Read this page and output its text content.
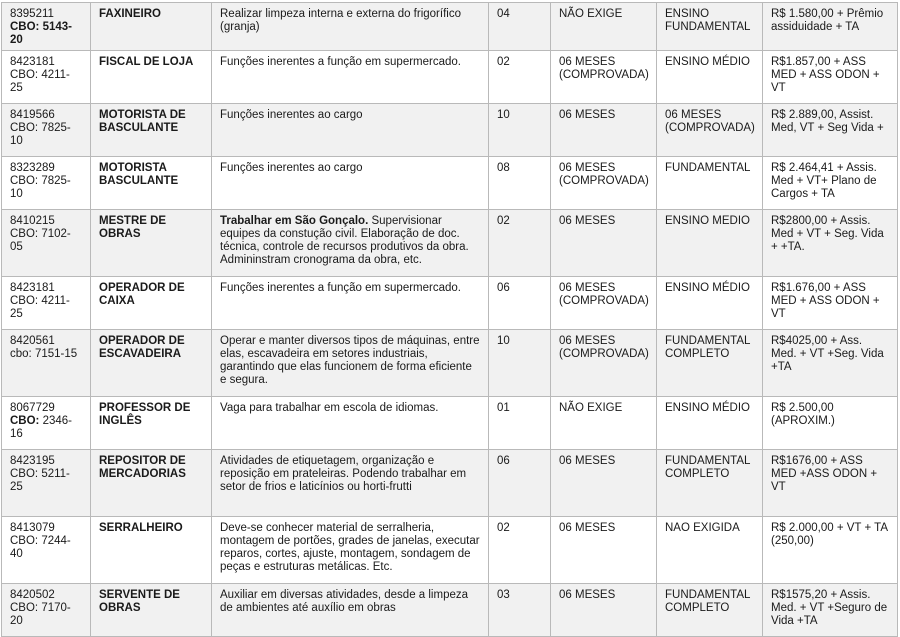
8395211
CBO: 5143-20	FAXINEIRO	Realizar limpeza interna e externa do frigorífico (granja)	04	NÃO EXIGE	ENSINO FUNDAMENTAL	R$ 1.580,00 + Prêmio assiduidade + TA

8423181
CBO: 4211-25	FISCAL DE LOJA	Funções inerentes a função em supermercado.	02	06 MESES (COMPROVADA)	ENSINO MÉDIO	R$1.857,00 + ASS MED + ASS ODON + VT

8419566
CBO: 7825-10	MOTORISTA DE BASCULANTE	Funções inerentes ao cargo	10	06 MESES	06 MESES (COMPROVADA)	R$ 2.889,00, Assist. Med, VT + Seg Vida +

8323289
CBO: 7825-10	MOTORISTA BASCULANTE	Funções inerentes ao cargo	08	06 MESES (COMPROVADA)	FUNDAMENTAL	R$ 2.464,41 + Assis. Med + VT+ Plano de Cargos + TA

8410215
CBO: 7102-05	MESTRE DE OBRAS	Trabalhar em São Gonçalo. Supervisionar equipes da constução civil. Elaboração de doc. técnica, controle de recursos produtivos da obra. Admininstram cronograma da obra, etc.	02	06 MESES	ENSINO MEDIO	R$2800,00 + Assis. Med + VT + Seg. Vida + +TA.

8423181
CBO: 4211-25	OPERADOR DE CAIXA	Funções inerentes a função em supermercado.	06	06 MESES (COMPROVADA)	ENSINO MÉDIO	R$1.676,00 + ASS MED + ASS ODON + VT

8420561
cbo: 7151-15	OPERADOR DE ESCAVADEIRA	Operar e manter diversos tipos de máquinas, entre elas, escavadeira em setores industriais, garantindo que elas funcionem de forma eficiente e segura.	10	06 MESES (COMPROVADA)	FUNDAMENTAL COMPLETO	R$4025,00 + Ass. Med. + VT +Seg. Vida +TA

8067729
CBO: 2346-16	PROFESSOR DE INGLÊS	Vaga para trabalhar em escola de idiomas.	01	NÃO EXIGE	ENSINO MÉDIO	R$ 2.500,00 (APROXIM.)

8423195
CBO: 5211-25	REPOSITOR DE MERCADORIAS	Atividades de etiquetagem, organização e reposição em prateleiras. Podendo trabalhar em setor de frios e laticínios ou horti-frutti	06	06 MESES	FUNDAMENTAL COMPLETO	R$1676,00 + ASS MED +ASS ODON + VT

8413079
CBO: 7244-40	SERRALHEIRO	Deve-se conhecer material de serralheria, montagem de portões, grades de janelas, executar reparos, cortes, ajuste, montagem, sondagem de peças e estruturas metálicas. Etc.	02	06 MESES	NAO EXIGIDA	R$ 2.000,00 + VT + TA (250,00)

8420502
CBO: 7170-20	SERVENTE DE OBRAS	Auxiliar em diversas atividades, desde a limpeza de ambientes até auxílio em obras	03	06 MESES	FUNDAMENTAL COMPLETO	R$1575,20 + Assis. Med. + VT +Seguro de Vida +TA
